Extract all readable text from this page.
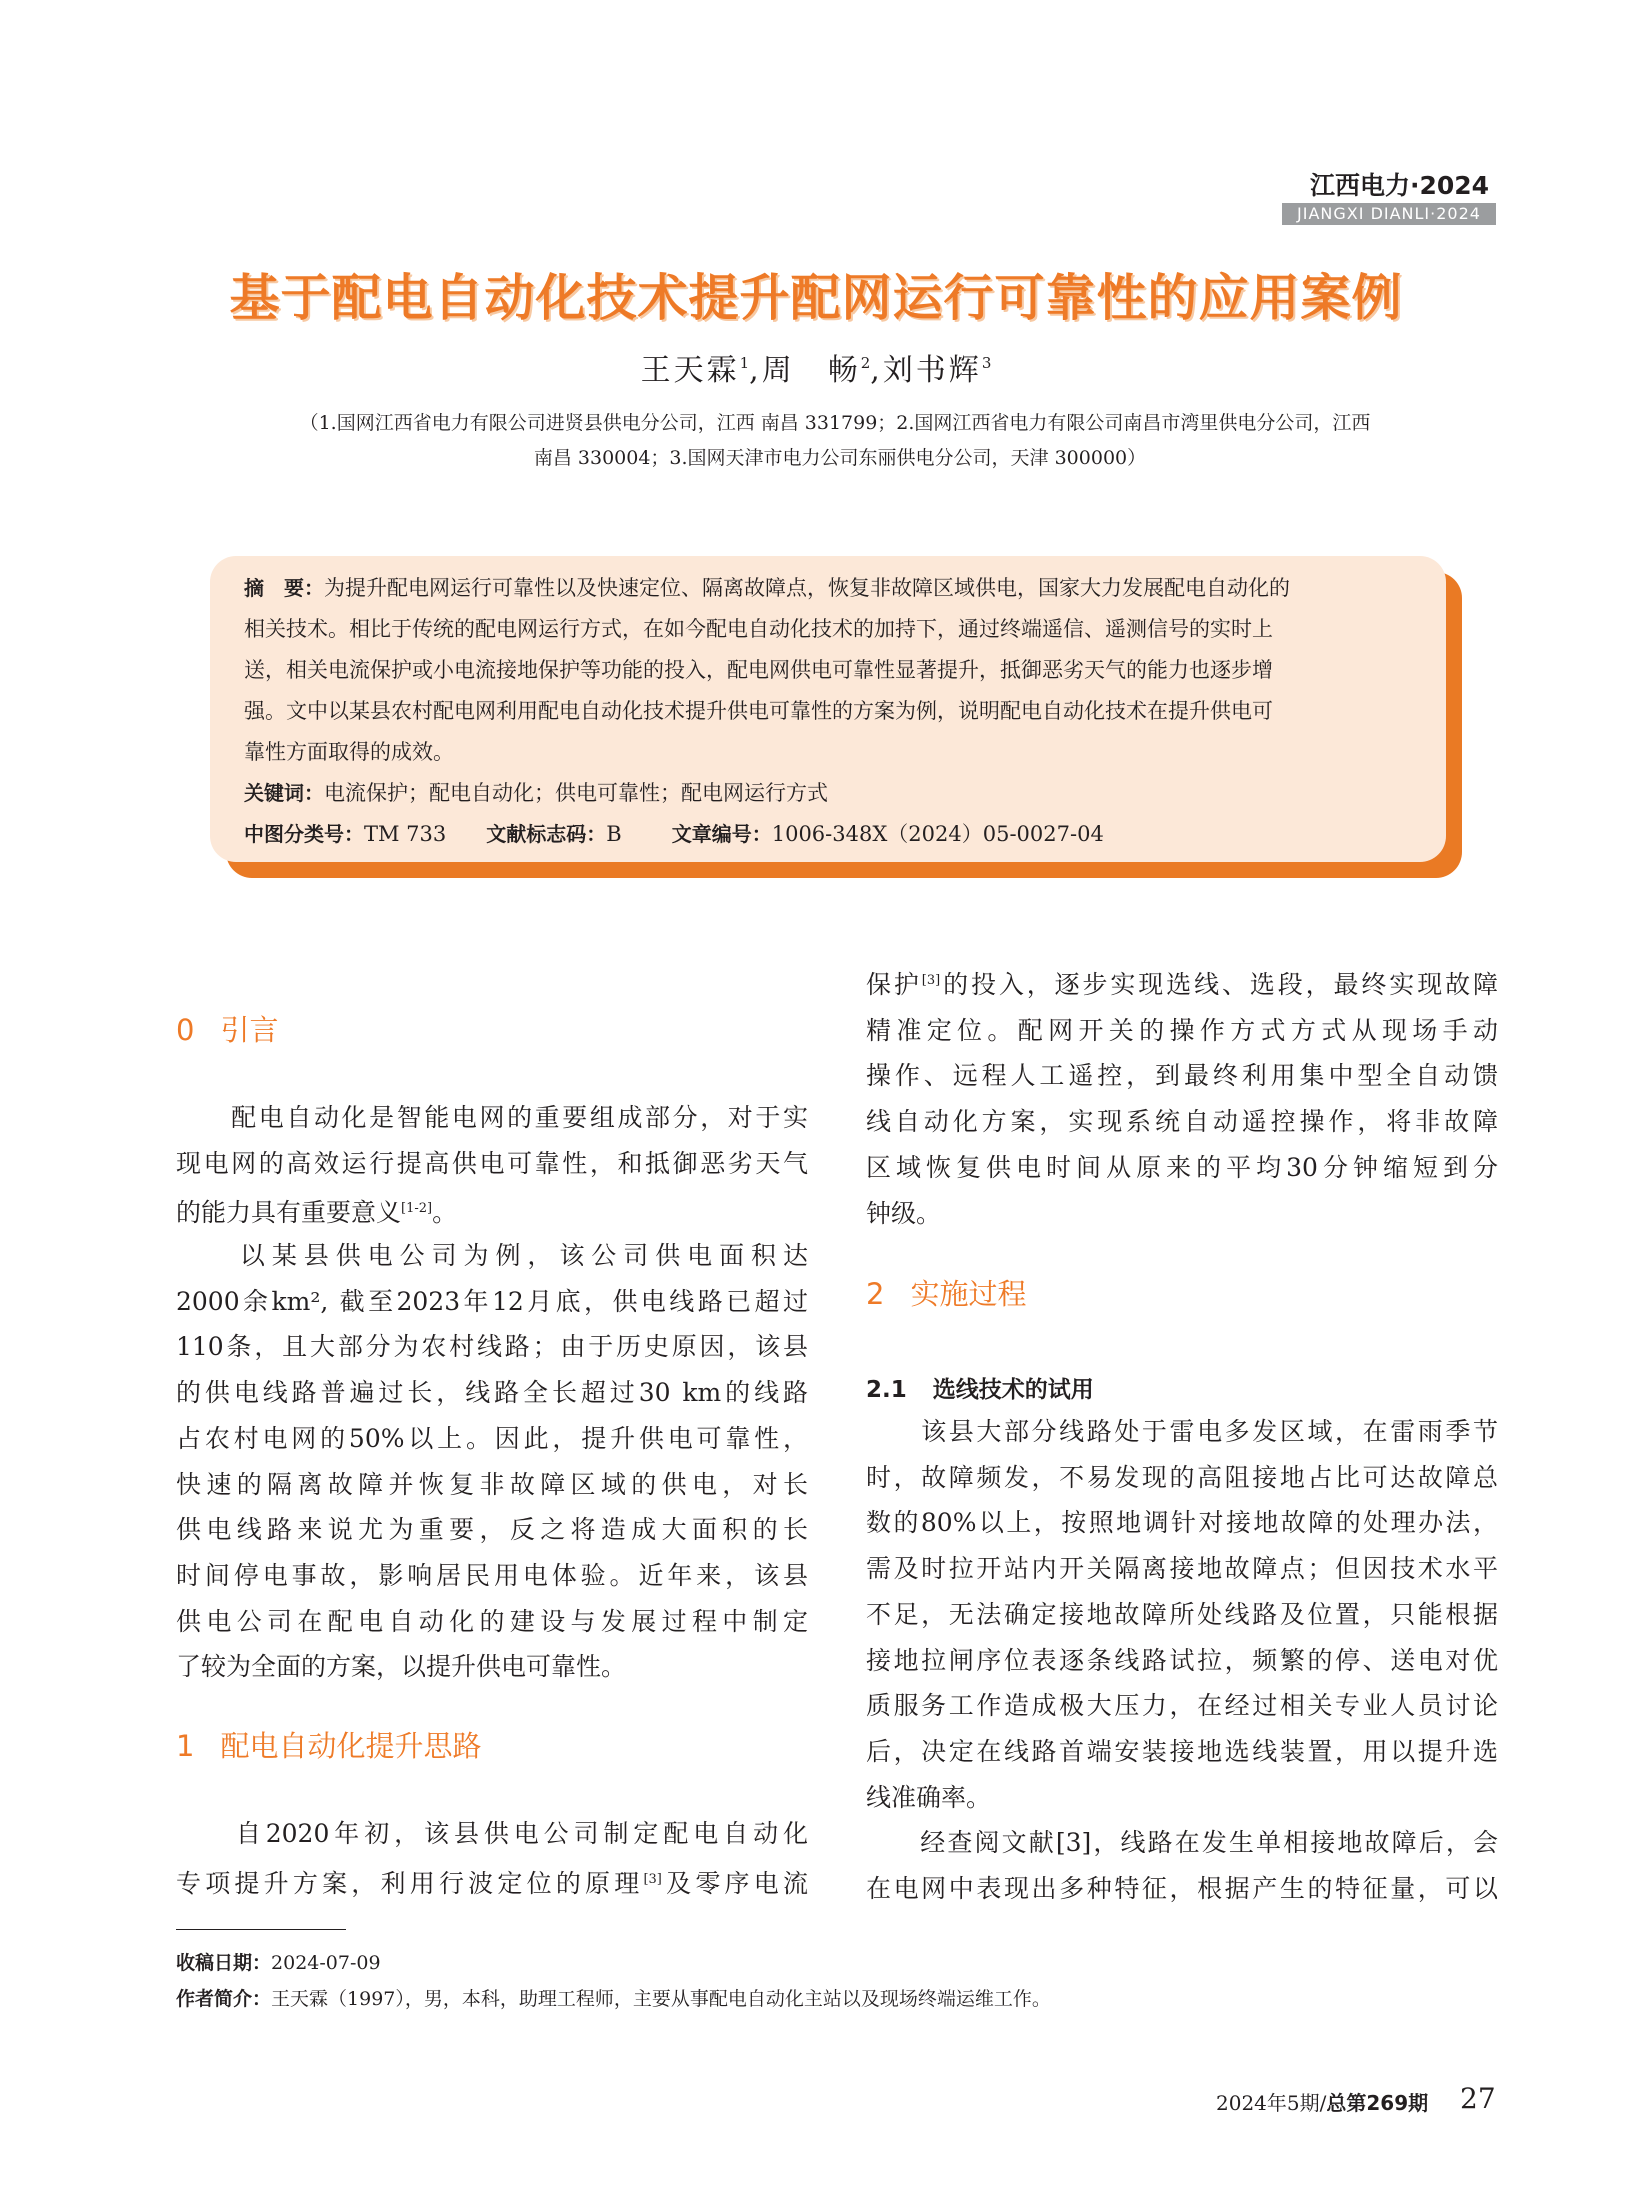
江西电力·2024
JIANGXI DIANLI·2024
基于配电自动化技术提升配网运行可靠性的应用案例
王天霖$^1$,周　畅$^2$,刘书辉$^3$
（1.国网江西省电力有限公司进贤县供电分公司，江西 南昌 331799；2.国网江西省电力有限公司南昌市湾里供电分公司，江西
南昌 330004；3.国网天津市电力公司东丽供电分公司，天津 300000）
摘　要：为提升配电网运行可靠性以及快速定位、隔离故障点，恢复非故障区域供电，国家大力发展配电自动化的
相关技术。相比于传统的配电网运行方式，在如今配电自动化技术的加持下，通过终端遥信、遥测信号的实时上
送，相关电流保护或小电流接地保护等功能的投入，配电网供电可靠性显著提升，抵御恶劣天气的能力也逐步增
强。文中以某县农村配电网利用配电自动化技术提升供电可靠性的方案为例，说明配电自动化技术在提升供电可
靠性方面取得的成效。
关键词：电流保护；配电自动化；供电可靠性；配电网运行方式
中图分类号：TM 733 文献标志码：B	文章编号：1006-348X（2024）05-0027-04
0 引言
　　配电自动化是智能电网的重要组成部分，对于实
现电网的高效运行提高供电可靠性，和抵御恶劣天气
的能力具有重要意义[1-2]。
　　以某县供电公司为例，该公司供电面积达
2000余km², 截至2023年12月底，供电线路已超过
110条，且大部分为农村线路；由于历史原因，该县
的供电线路普遍过长，线路全长超过30 km的线路
占农村电网的50%以上。因此，提升供电可靠性，
快速的隔离故障并恢复非故障区域的供电，对长
供电线路来说尤为重要，反之将造成大面积的长
时间停电事故，影响居民用电体验。近年来，该县
供电公司在配电自动化的建设与发展过程中制定
了较为全面的方案，以提升供电可靠性。
1 配电自动化提升思路
　　自2020年初，该县供电公司制定配电自动化
专项提升方案，利用行波定位的原理[3]及零序电流
保护[3]的投入，逐步实现选线、选段，最终实现故障
精准定位。配网开关的操作方式方式从现场手动
操作、远程人工遥控，到最终利用集中型全自动馈
线自动化方案，实现系统自动遥控操作，将非故障
区域恢复供电时间从原来的平均30分钟缩短到分
钟级。
2 实施过程
2.1 选线技术的试用
　　该县大部分线路处于雷电多发区域，在雷雨季节
时，故障频发，不易发现的高阻接地占比可达故障总
数的80%以上，按照地调针对接地故障的处理办法，
需及时拉开站内开关隔离接地故障点；但因技术水平
不足，无法确定接地故障所处线路及位置，只能根据
接地拉闸序位表逐条线路试拉，频繁的停、送电对优
质服务工作造成极大压力，在经过相关专业人员讨论
后，决定在线路首端安装接地选线装置，用以提升选
线准确率。
　　经查阅文献[3]，线路在发生单相接地故障后，会
在电网中表现出多种特征，根据产生的特征量，可以
收稿日期：2024-07-09
作者简介：王天霖（1997），男，本科，助理工程师，主要从事配电自动化主站以及现场终端运维工作。
2024年5期/总第269期 27
